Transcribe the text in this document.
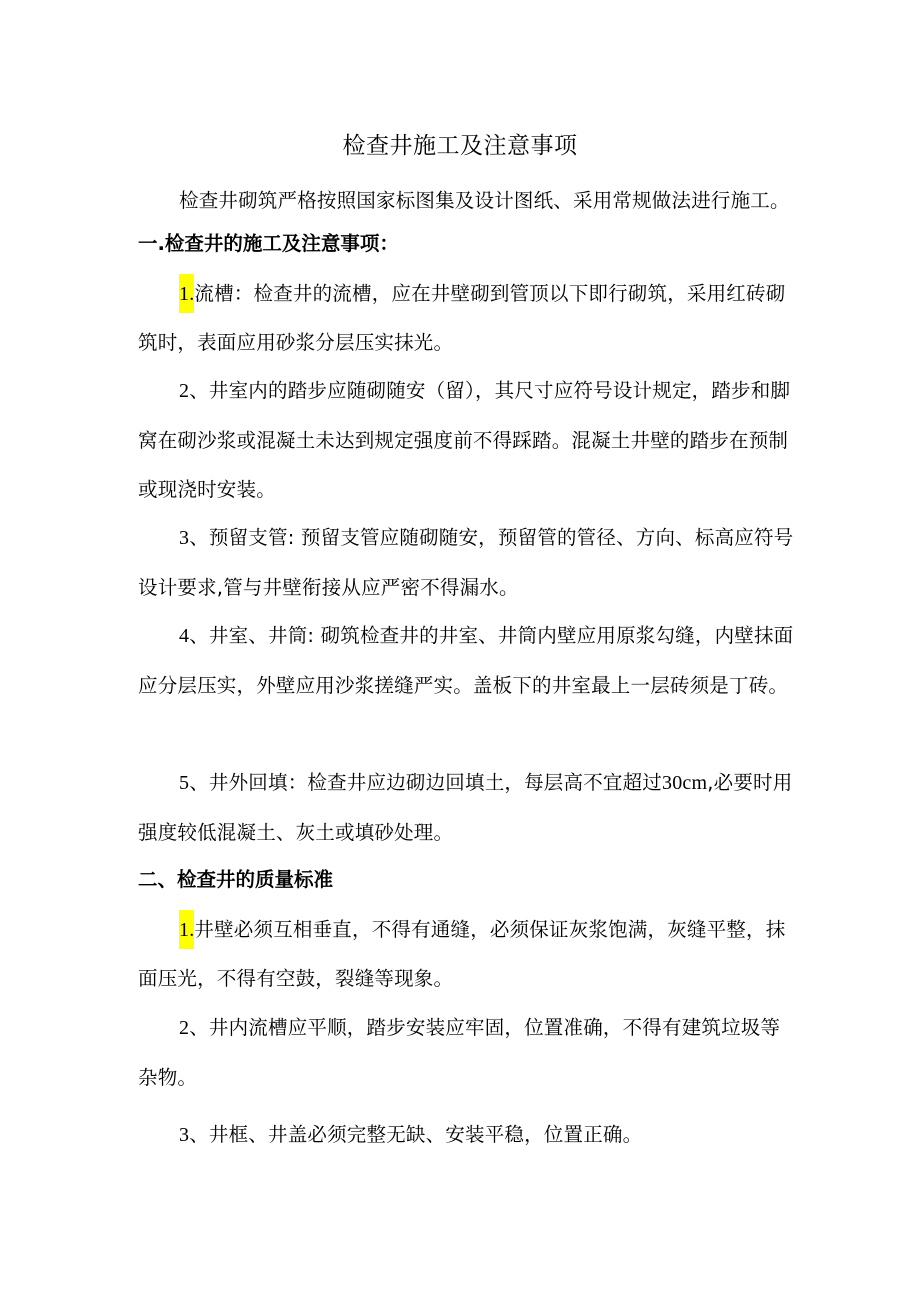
检查井施工及注意事项

检查井砌筑严格按照国家标图集及设计图纸、采用常规做法进行施工。

一.检查井的施工及注意事项：

1.流槽：检查井的流槽，应在井壁砌到管顶以下即行砌筑，采用红砖砌筑时，表面应用砂浆分层压实抹光。

2、井室内的踏步应随砌随安（留），其尺寸应符号设计规定，踏步和脚窝在砌沙浆或混凝土未达到规定强度前不得踩踏。混凝土井壁的踏步在预制或现浇时安装。

3、预留支管: 预留支管应随砌随安，预留管的管径、方向、标高应符号设计要求,管与井壁衔接从应严密不得漏水。

4、井室、井筒: 砌筑检查井的井室、井筒内壁应用原浆勾缝，内壁抹面应分层压实，外壁应用沙浆搓缝严实。盖板下的井室最上一层砖须是丁砖。

5、井外回填：检查井应边砌边回填土，每层高不宜超过30cm,必要时用强度较低混凝土、灰土或填砂处理。

二、检查井的质量标准

1.井壁必须互相垂直，不得有通缝，必须保证灰浆饱满，灰缝平整，抹面压光，不得有空鼓，裂缝等现象。

2、井内流槽应平顺，踏步安装应牢固，位置准确，不得有建筑垃圾等杂物。

3、井框、井盖必须完整无缺、安装平稳，位置正确。
